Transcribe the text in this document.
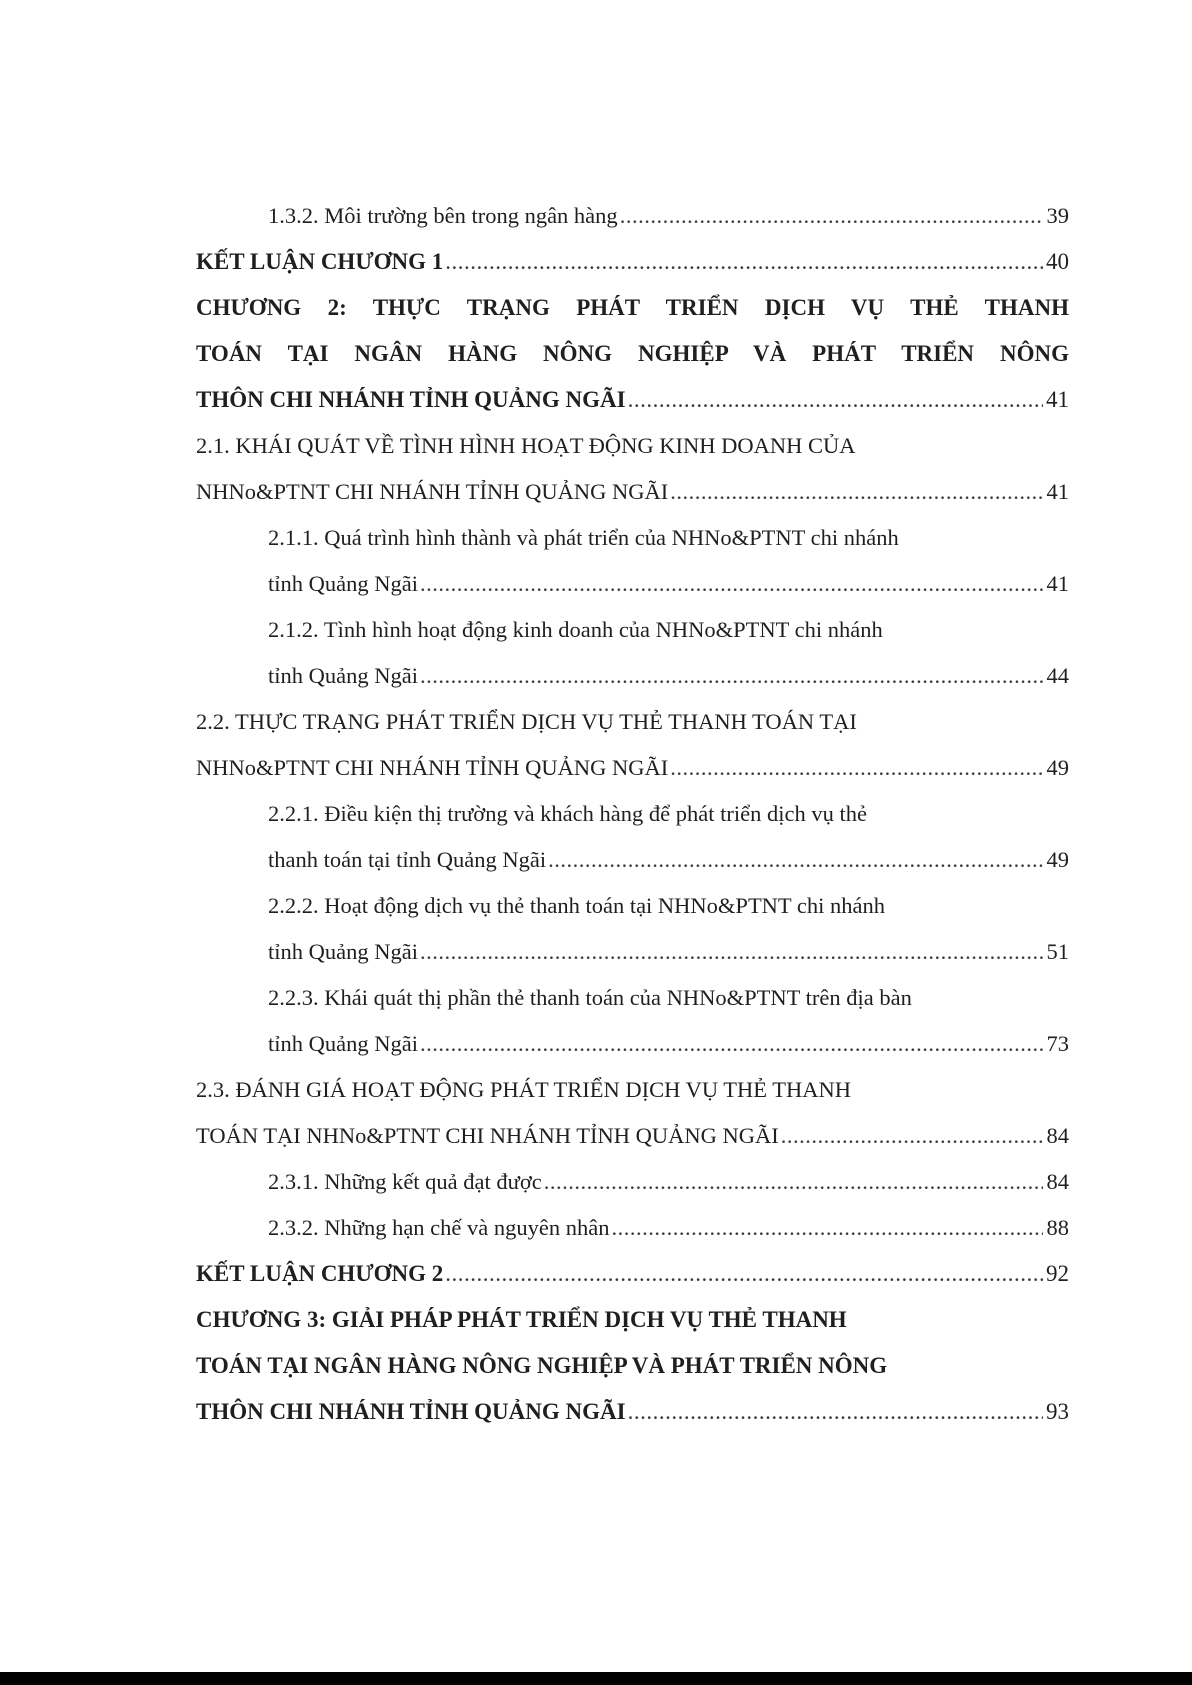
1.3.2. Môi trường bên trong ngân hàng .....	39
KẾT LUẬN CHƯƠNG 1 .....	40
CHƯƠNG 2: THỰC TRẠNG PHÁT TRIỂN DỊCH VỤ THẺ THANH
TOÁN TẠI NGÂN HÀNG NÔNG NGHIỆP VÀ PHÁT TRIỂN NÔNG
THÔN CHI NHÁNH TỈNH QUẢNG NGÃI .....	41
2.1. KHÁI QUÁT VỀ TÌNH HÌNH HOẠT ĐỘNG KINH DOANH CỦA
NHNo&PTNT CHI NHÁNH TỈNH QUẢNG NGÃI .....	41
2.1.1. Quá trình hình thành và phát triển của NHNo&PTNT chi nhánh
tỉnh Quảng Ngãi .....	41
2.1.2. Tình hình hoạt động kinh doanh của NHNo&PTNT chi nhánh
tỉnh Quảng Ngãi .....	44
2.2. THỰC TRẠNG PHÁT TRIỂN DỊCH VỤ THẺ THANH TOÁN TẠI
NHNo&PTNT CHI NHÁNH TỈNH QUẢNG NGÃI .....	49
2.2.1. Điều kiện thị trường và khách hàng để phát triển dịch vụ thẻ
thanh toán tại tỉnh Quảng Ngãi .....	49
2.2.2. Hoạt động dịch vụ thẻ thanh toán tại NHNo&PTNT chi nhánh
tỉnh Quảng Ngãi .....	51
2.2.3. Khái quát thị phần thẻ thanh toán của NHNo&PTNT trên địa bàn
tỉnh Quảng Ngãi .....	73
2.3. ĐÁNH GIÁ HOẠT ĐỘNG PHÁT TRIỂN DỊCH VỤ THẺ THANH
TOÁN TẠI NHNo&PTNT CHI NHÁNH TỈNH QUẢNG NGÃI .....	84
2.3.1. Những kết quả đạt được .....	84
2.3.2. Những hạn chế và nguyên nhân .....	88
KẾT LUẬN CHƯƠNG 2 .....	92
CHƯƠNG 3: GIẢI PHÁP PHÁT TRIỂN DỊCH VỤ THẺ THANH
TOÁN TẠI NGÂN HÀNG NÔNG NGHIỆP VÀ PHÁT TRIỂN NÔNG
THÔN CHI NHÁNH TỈNH QUẢNG NGÃI .....	93
